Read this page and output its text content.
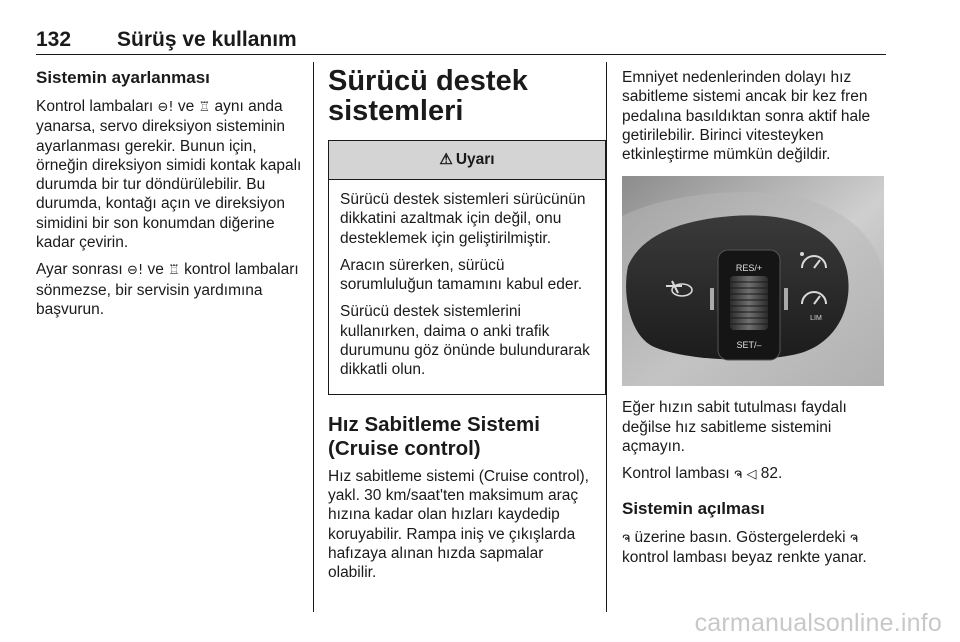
132 Sürüş ve kullanım
Sistemin ayarlanması

Kontrol lambaları ⊖! ve ♖ aynı anda yanarsa, servo direksiyon sisteminin ayarlanması gerekir. Bunun için, örneğin direksiyon simidi kontak kapalı durumda bir tur döndürülebilir. Bu durumda, kontağı açın ve direksiyon simidini bir son konumdan diğerine kadar çevirin.

Ayar sonrası ⊖! ve ♖ kontrol lambaları sönmezse, bir servisin yardımına başvurun.

Sürücü destek sistemleri
⚠ Uyarı

Sürücü destek sistemleri sürücünün dikkatini azaltmak için değil, onu desteklemek için geliştirilmiştir.

Aracın sürerken, sürücü sorumluluğun tamamını kabul eder.

Sürücü destek sistemlerini kullanırken, daima o anki trafik durumunu göz önünde bulundurarak dikkatli olun.

Hız Sabitleme Sistemi (Cruise control)

Hız sabitleme sistemi (Cruise control), yakl. 30 km/saat'ten maksimum araç hızına kadar olan hızları kaydedip koruyabilir. Rampa iniş ve çıkışlarda hafızaya alınan hızda sapmalar olabilir.

Emniyet nedenlerinden dolayı hız sabitleme sistemi ancak bir kez fren pedalına basıldıktan sonra aktif hale getirilebilir. Birinci vitesteyken etkinleştirme mümkün değildir.

RES/+
SET/–
LIM

Eğer hızın sabit tutulması faydalı değilse hız sabitleme sistemini açmayın.

Kontrol lambası ຈ ◁ 82.

Sistemin açılması

ຈ üzerine basın. Göstergelerdeki ຈ kontrol lambası beyaz renkte yanar.

carmanualsonline.info
